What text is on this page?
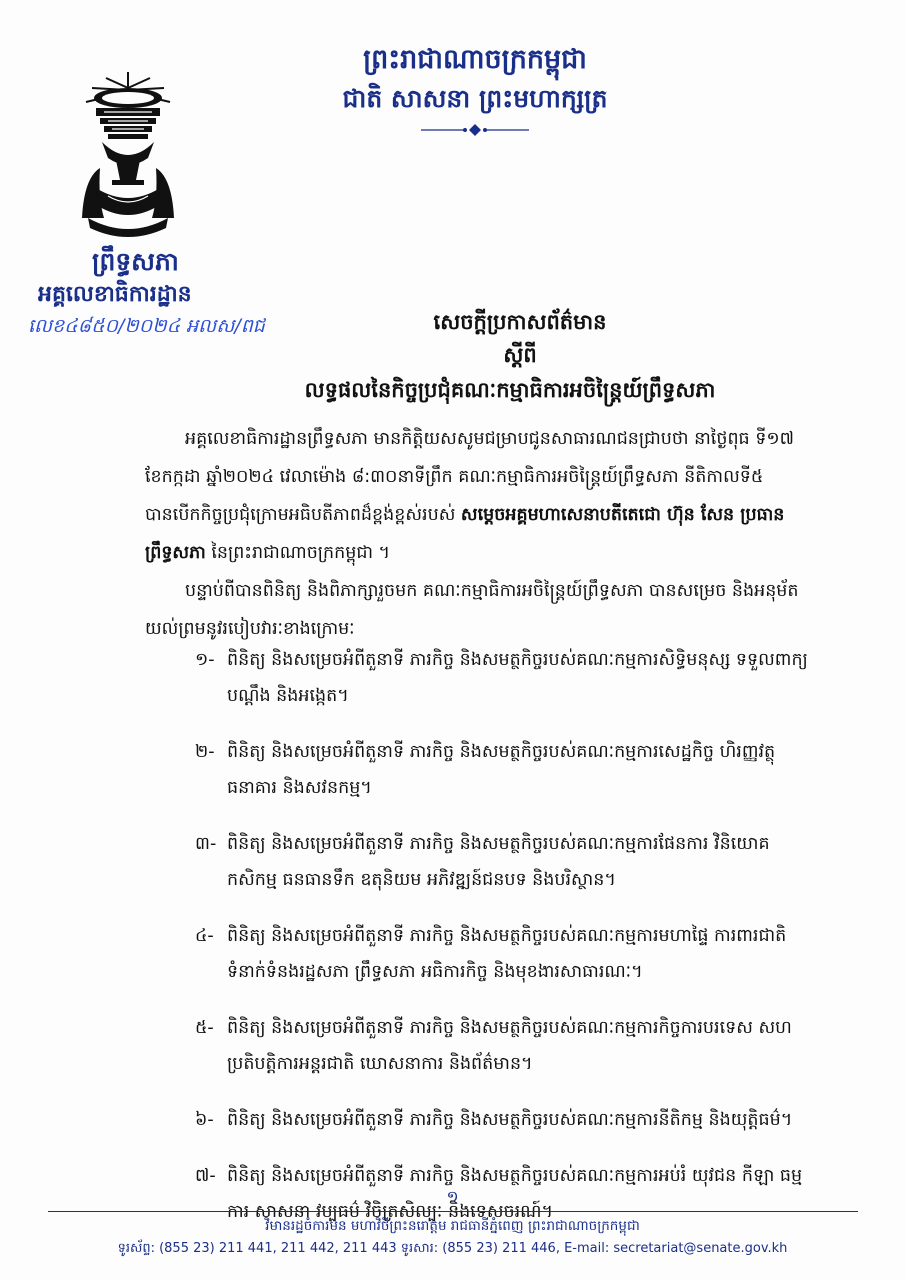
ព្រះរាជាណាចក្រកម្ពុជា
ជាតិ សាសនា ព្រះមហាក្សត្រ
ព្រឹទ្ធសភា
អគ្គលេខាធិការដ្ឋាន
លេខ៤៨៥០/២០២៤ អលស/ពជ	សេចក្តីប្រកាសព័ត៌មាន
ស្តីពី
លទ្ធផលនៃកិច្ចប្រជុំគណៈកម្មាធិការអចិន្ត្រៃយ៍ព្រឹទ្ធសភា

អគ្គលេខាធិការដ្ឋានព្រឹទ្ធសភា មានកិត្តិយសសូមជម្រាបជូនសាធារណជនជ្រាបថា នាថ្ងៃពុធ ទី១៧ ខែកក្កដា ឆ្នាំ២០២៤ វេលាម៉ោង ៨:៣០នាទីព្រឹក គណៈកម្មាធិការអចិន្ត្រៃយ៍ព្រឹទ្ធសភា នីតិកាលទី៥ បានបើកកិច្ចប្រជុំក្រោមអធិបតីភាពដ៏ខ្ពង់ខ្ពស់របស់ សម្តេចអគ្គមហាសេនាបតីតេជោ ហ៊ុន សែន ប្រធានព្រឹទ្ធសភា នៃព្រះរាជាណាចក្រកម្ពុជា ។

បន្ទាប់ពីបានពិនិត្យ និងពិភាក្សារួចមក គណៈកម្មាធិការអចិន្ត្រៃយ៍ព្រឹទ្ធសភា បានសម្រេច និងអនុម័តយល់ព្រមនូវរបៀបវារៈខាងក្រោមៈ

១- ពិនិត្យ និងសម្រេចអំពីតួនាទី ភារកិច្ច និងសមត្ថកិច្ចរបស់គណៈកម្មការសិទ្ធិមនុស្ស ទទួលពាក្យបណ្តឹង និងអង្កេត។
២- ពិនិត្យ និងសម្រេចអំពីតួនាទី ភារកិច្ច និងសមត្ថកិច្ចរបស់គណៈកម្មការសេដ្ឋកិច្ច ហិរញ្ញវត្ថុ ធនាគារ និងសវនកម្ម។
៣- ពិនិត្យ និងសម្រេចអំពីតួនាទី ភារកិច្ច និងសមត្ថកិច្ចរបស់គណៈកម្មការផែនការ វិនិយោគ កសិកម្ម ធនធានទឹក ឧតុនិយម អភិវឌ្ឍន៍ជនបទ និងបរិស្ថាន។
៤- ពិនិត្យ និងសម្រេចអំពីតួនាទី ភារកិច្ច និងសមត្ថកិច្ចរបស់គណៈកម្មការមហាផ្ទៃ ការពារជាតិ ទំនាក់ទំនងរដ្ឋសភា ព្រឹទ្ធសភា អធិការកិច្ច និងមុខងារសាធារណៈ។
៥- ពិនិត្យ និងសម្រេចអំពីតួនាទី ភារកិច្ច និងសមត្ថកិច្ចរបស់គណៈកម្មការកិច្ចការបរទេស សហប្រតិបត្តិការអន្តរជាតិ ឃោសនាការ និងព័ត៌មាន។
៦- ពិនិត្យ និងសម្រេចអំពីតួនាទី ភារកិច្ច និងសមត្ថកិច្ចរបស់គណៈកម្មការនីតិកម្ម និងយុត្តិធម៌។
៧- ពិនិត្យ និងសម្រេចអំពីតួនាទី ភារកិច្ច និងសមត្ថកិច្ចរបស់គណៈកម្មការអប់រំ យុវជន កីឡា ធម្មការ សាសនា វប្បធម៌ វិចិត្រសិល្បៈ និងទេសចរណ៍។
១
វិមានរដ្ឋចំការមន មហាវិថីព្រះនរោត្តម រាជធានីភ្នំពេញ ព្រះរាជាណាចក្រកម្ពុជា
ទូរស័ព្ទ: (855 23) 211 441, 211 442, 211 443 ទូរសារ: (855 23) 211 446, E-mail: secretariat@senate.gov.kh
